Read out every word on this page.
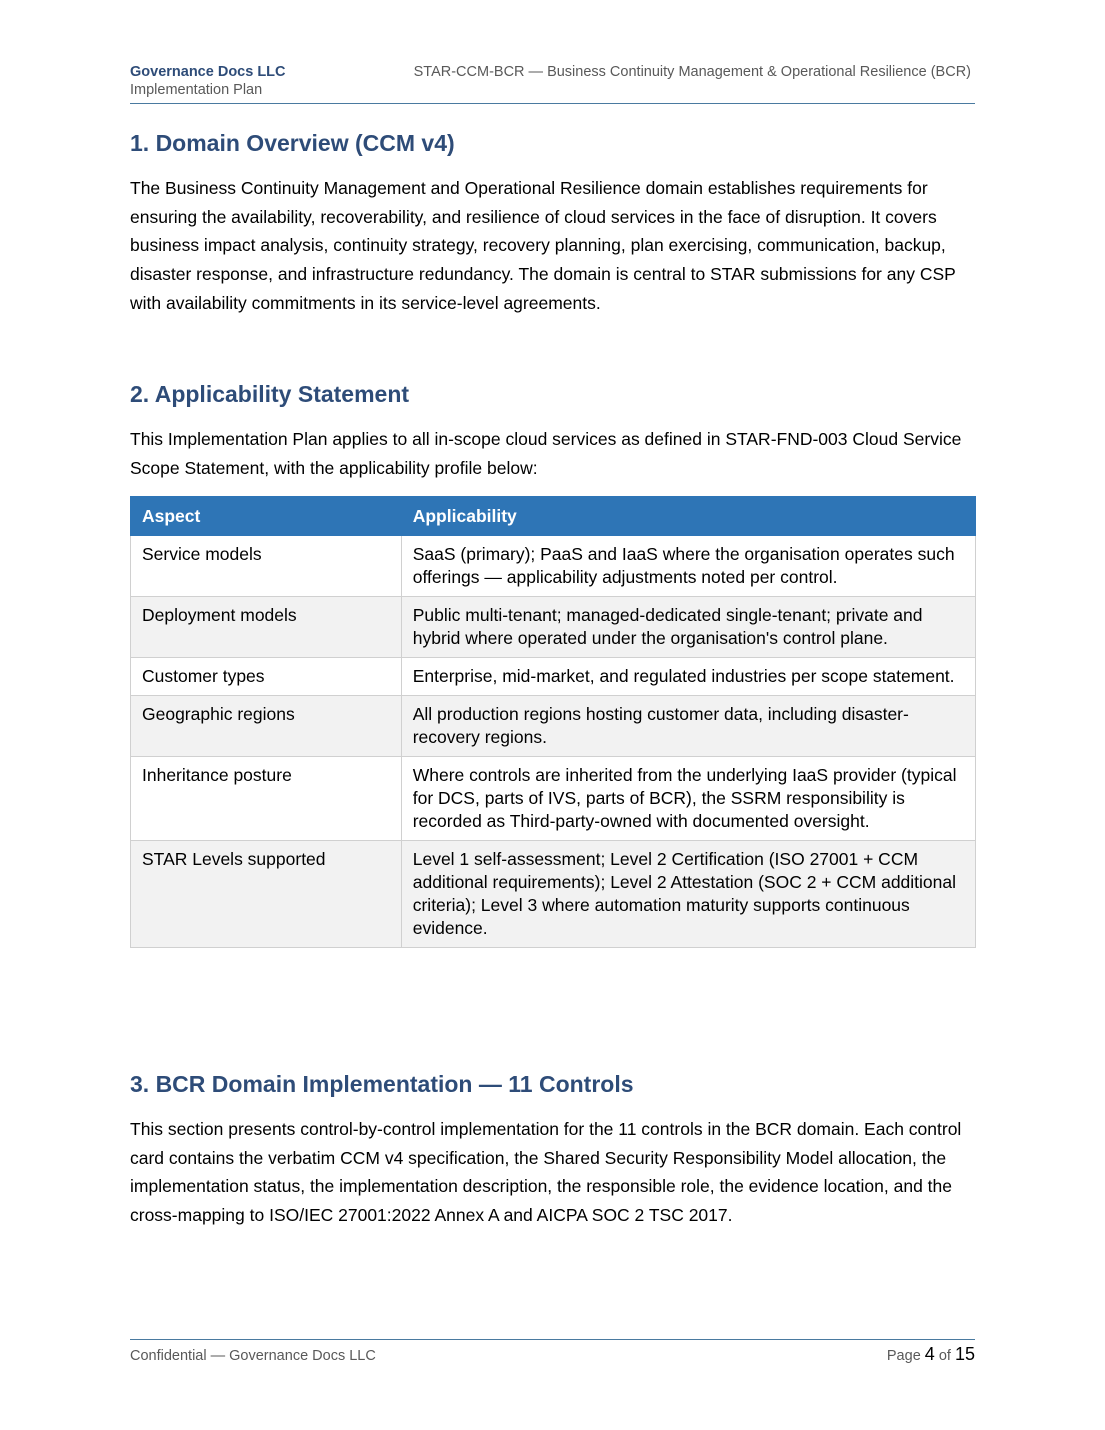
Governance Docs LLC
Implementation Plan
STAR-CCM-BCR — Business Continuity Management & Operational Resilience (BCR)
1. Domain Overview (CCM v4)

The Business Continuity Management and Operational Resilience domain establishes requirements for ensuring the availability, recoverability, and resilience of cloud services in the face of disruption. It covers business impact analysis, continuity strategy, recovery planning, plan exercising, communication, backup, disaster response, and infrastructure redundancy. The domain is central to STAR submissions for any CSP with availability commitments in its service-level agreements.

2. Applicability Statement

This Implementation Plan applies to all in-scope cloud services as defined in STAR-FND-003 Cloud Service Scope Statement, with the applicability profile below:

Aspect	Applicability
Service models	SaaS (primary); PaaS and IaaS where the organisation operates such offerings — applicability adjustments noted per control.
Deployment models	Public multi-tenant; managed-dedicated single-tenant; private and hybrid where operated under the organisation's control plane.
Customer types	Enterprise, mid-market, and regulated industries per scope statement.
Geographic regions	All production regions hosting customer data, including disaster-recovery regions.
Inheritance posture	Where controls are inherited from the underlying IaaS provider (typical for DCS, parts of IVS, parts of BCR), the SSRM responsibility is recorded as Third-party-owned with documented oversight.
STAR Levels supported	Level 1 self-assessment; Level 2 Certification (ISO 27001 + CCM additional requirements); Level 2 Attestation (SOC 2 + CCM additional criteria); Level 3 where automation maturity supports continuous evidence.
3. BCR Domain Implementation — 11 Controls

This section presents control-by-control implementation for the 11 controls in the BCR domain. Each control card contains the verbatim CCM v4 specification, the Shared Security Responsibility Model allocation, the implementation status, the implementation description, the responsible role, the evidence location, and the cross-mapping to ISO/IEC 27001:2022 Annex A and AICPA SOC 2 TSC 2017.

Confidential — Governance Docs LLC	Page 4 of 15
